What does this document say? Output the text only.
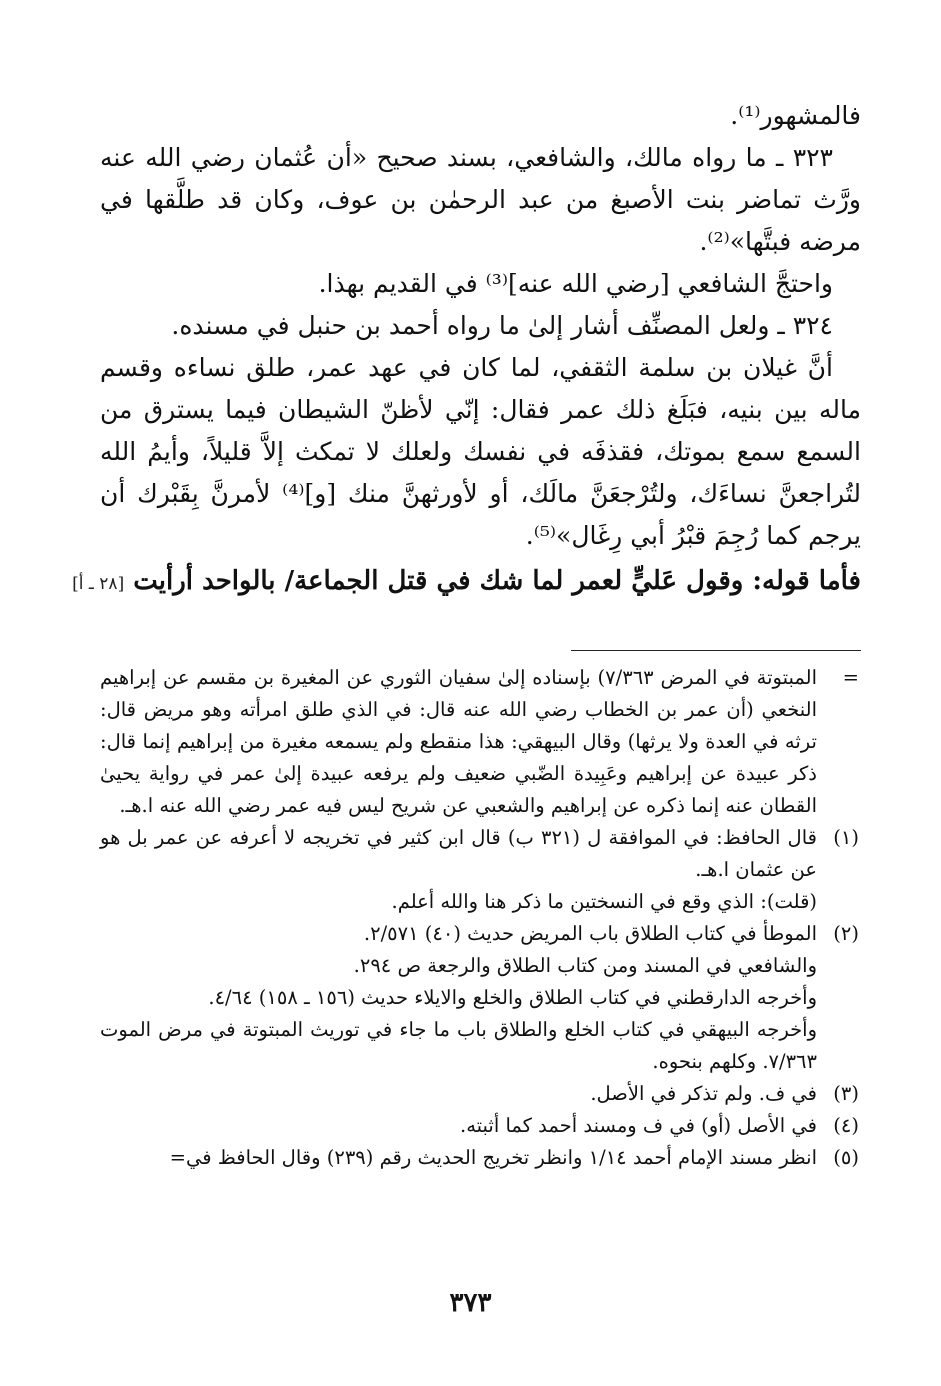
فالمشهور⁽¹⁾.

٣٢٣ ـ ما رواه مالك، والشافعي، بسند صحيح «أن عُثمان رضي الله عنه ورَّث تماضر بنت الأصبغ من عبد الرحمٰن بن عوف، وكان قد طلَّقها في مرضه فبتَّها»⁽²⁾.

واحتجَّ الشافعي [رضي الله عنه]⁽³⁾ في القديم بهذا.

٣٢٤ ـ ولعل المصنِّف أشار إلىٰ ما رواه أحمد بن حنبل في مسنده.

أنَّ غيلان بن سلمة الثقفي، لما كان في عهد عمر، طلق نساءه وقسم ماله بين بنيه، فبَلَغ ذلك عمر فقال: إنّي لأظنّ الشيطان فيما يسترق من السمع سمع بموتك، فقذفَه في نفسك ولعلك لا تمكث إلاَّ قليلاً، وأيمُ الله لتُراجعنَّ نساءَك، ولتُرْجعَنَّ مالَك، أو لأورثهنَّ منك [و]⁽⁴⁾ لأمرنَّ بِقَبْرك أن يرجم كما رُجِمَ قبْرُ أبي رِغَال»⁽⁵⁾.

فأما قوله: وقول عَليٍّ لعمر لما شك في قتل الجماعة/ بالواحد أرأيت [٢٨ ـ أ]

=

المبتوتة في المرض ٧/٣٦٣) بإسناده إلىٰ سفيان الثوري عن المغيرة بن مقسم عن إبراهيم النخعي (أن عمر بن الخطاب رضي الله عنه قال: في الذي طلق امرأته وهو مريض قال: ترثه في العدة ولا يرثها) وقال البيهقي: هذا منقطع ولم يسمعه مغيرة من إبراهيم إنما قال: ذكر عبيدة عن إبراهيم وعَبِيدة الضّبي ضعيف ولم يرفعه عبيدة إلىٰ عمر في رواية يحيىٰ القطان عنه إنما ذكره عن إبراهيم والشعبي عن شريح ليس فيه عمر رضي الله عنه ا.هـ.

(١)

قال الحافظ: في الموافقة ل (٣٢١ ب) قال ابن كثير في تخريجه لا أعرفه عن عمر بل هو عن عثمان ا.هـ.

(قلت): الذي وقع في النسختين ما ذكر هنا والله أعلم.

(٢)

الموطأ في كتاب الطلاق باب المريض حديث (٤٠) ٢/٥٧١.

والشافعي في المسند ومن كتاب الطلاق والرجعة ص ٢٩٤.

وأخرجه الدارقطني في كتاب الطلاق والخلع والايلاء حديث (١٥٦ ـ ١٥٨) ٤/٦٤.

وأخرجه البيهقي في كتاب الخلع والطلاق باب ما جاء في توريث المبتوتة في مرض الموت ٧/٣٦٣. وكلهم بنحوه.

(٣)

في ف. ولم تذكر في الأصل.

(٤)

في الأصل (أو) في ف ومسند أحمد كما أثبته.

(٥)

انظر مسند الإمام أحمد ١/١٤ وانظر تخريج الحديث رقم (٢٣٩) وقال الحافظ في=

٣٧٣
